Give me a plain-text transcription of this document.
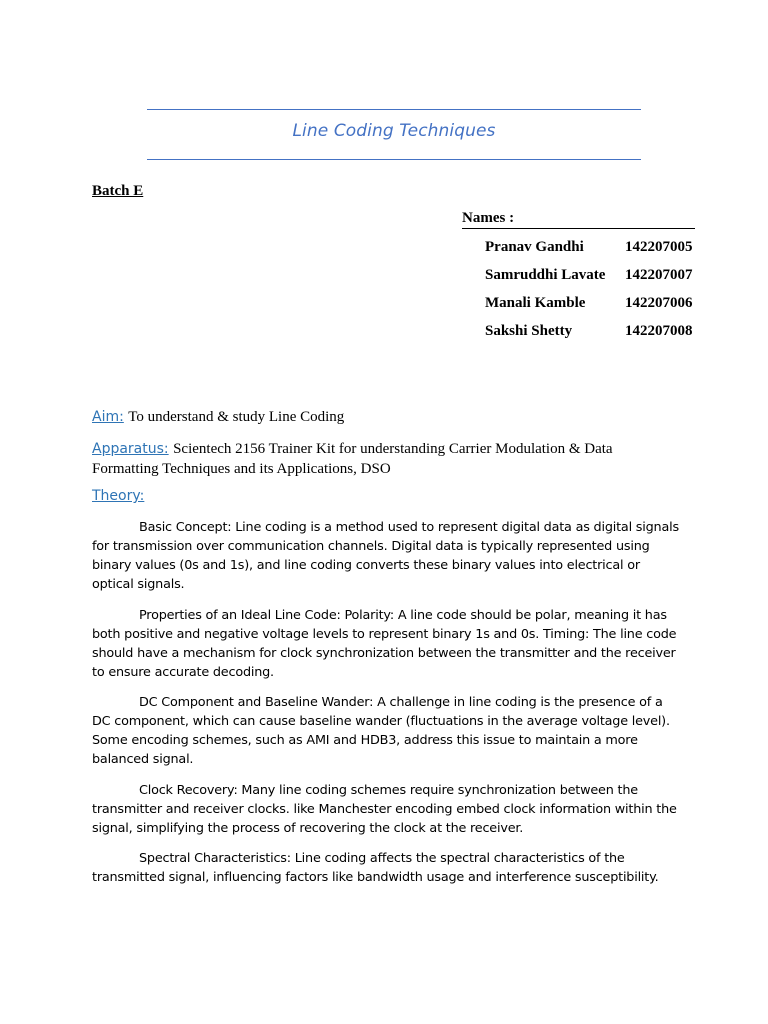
Line Coding Techniques
Batch E
Names :
Pranav Gandhi	142207005
Samruddhi Lavate	142207007
Manali Kamble	142207006
Sakshi Shetty	142207008
Aim: To understand & study Line Coding
Apparatus: Scientech 2156 Trainer Kit for understanding Carrier Modulation & Data Formatting Techniques and its Applications, DSO
Theory:
Basic Concept: Line coding is a method used to represent digital data as digital signals for transmission over communication channels. Digital data is typically represented using binary values (0s and 1s), and line coding converts these binary values into electrical or optical signals.
Properties of an Ideal Line Code: Polarity: A line code should be polar, meaning it has both positive and negative voltage levels to represent binary 1s and 0s. Timing: The line code should have a mechanism for clock synchronization between the transmitter and the receiver to ensure accurate decoding.
DC Component and Baseline Wander: A challenge in line coding is the presence of a DC component, which can cause baseline wander (fluctuations in the average voltage level). Some encoding schemes, such as AMI and HDB3, address this issue to maintain a more balanced signal.
Clock Recovery: Many line coding schemes require synchronization between the transmitter and receiver clocks. like Manchester encoding embed clock information within the signal, simplifying the process of recovering the clock at the receiver.
Spectral Characteristics: Line coding affects the spectral characteristics of the transmitted signal, influencing factors like bandwidth usage and interference susceptibility.
